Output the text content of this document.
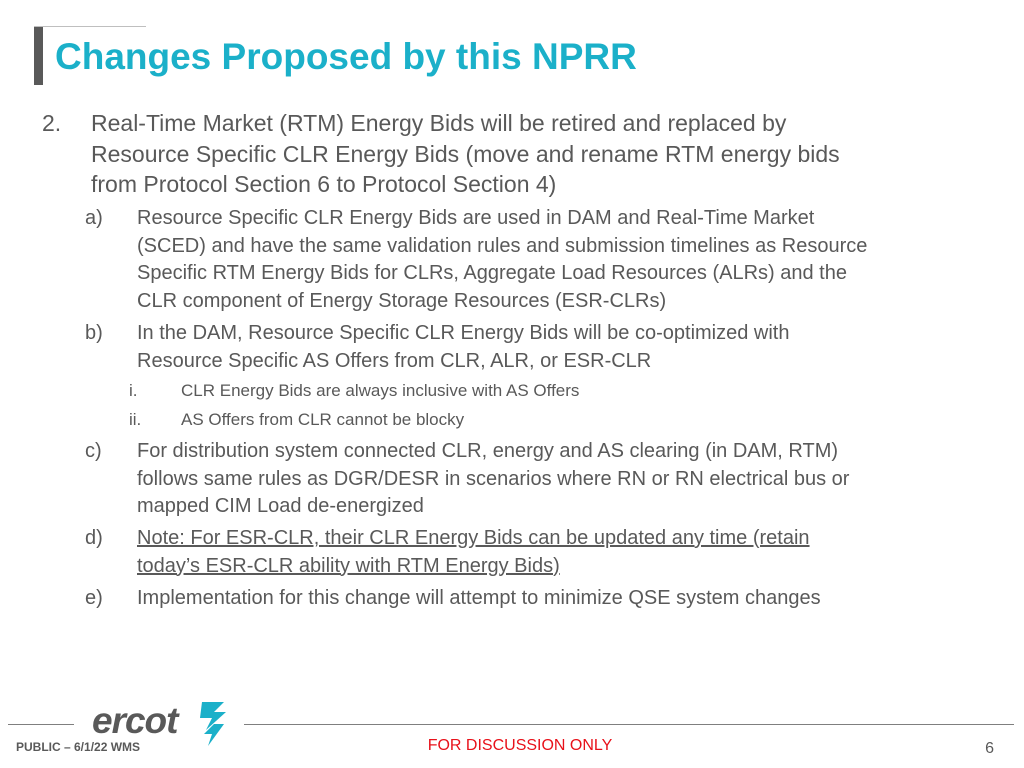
Changes Proposed by this NPRR
2. Real-Time Market (RTM) Energy Bids will be retired and replaced by
Resource Specific CLR Energy Bids (move and rename RTM energy bids
from Protocol Section 6 to Protocol Section 4)
a) Resource Specific CLR Energy Bids are used in DAM and Real-Time Market
(SCED) and have the same validation rules and submission timelines as Resource
Specific RTM Energy Bids for CLRs, Aggregate Load Resources (ALRs) and the
CLR component of Energy Storage Resources (ESR-CLRs)
b) In the DAM, Resource Specific CLR Energy Bids will be co-optimized with
Resource Specific AS Offers from CLR, ALR, or ESR-CLR
i.	CLR Energy Bids are always inclusive with AS Offers
ii. AS Offers from CLR cannot be blocky
c) For distribution system connected CLR, energy and AS clearing (in DAM, RTM)
follows same rules as DGR/DESR in scenarios where RN or RN electrical bus or
mapped CIM Load de-energized
d) Note: For ESR-CLR, their CLR Energy Bids can be updated any time (retain
today’s ESR-CLR ability with RTM Energy Bids)
e) Implementation for this change will attempt to minimize QSE system changes
ercot
PUBLIC – 6/1/22 WMS	FOR DISCUSSION ONLY	6
